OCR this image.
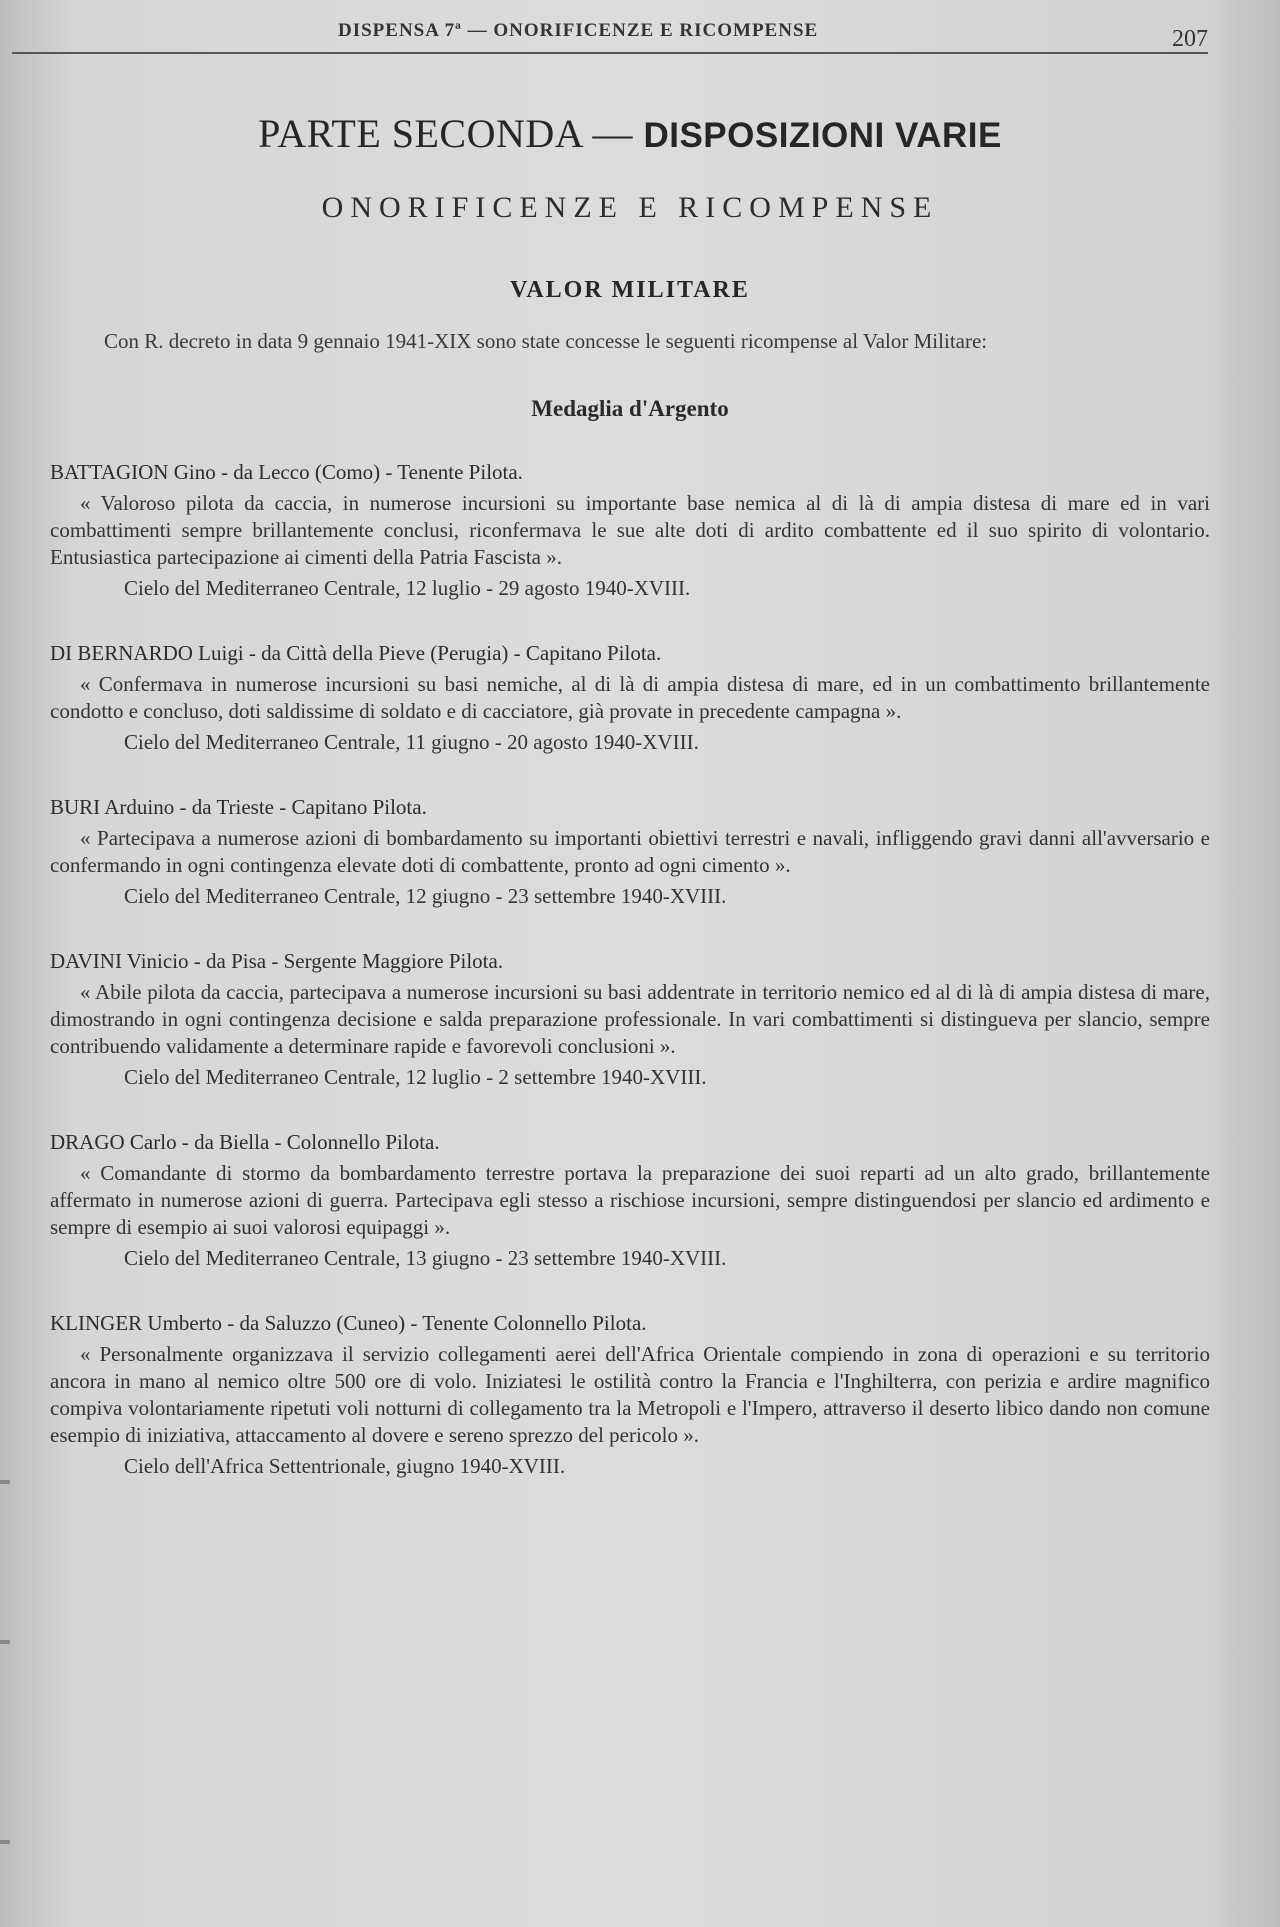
DISPENSA 7ª — ONORIFICENZE E RICOMPENSE	207
PARTE SECONDA — DISPOSIZIONI VARIE
ONORIFICENZE E RICOMPENSE
VALOR MILITARE

Con R. decreto in data 9 gennaio 1941-XIX sono state concesse le seguenti ricompense al Valor Militare:

Medaglia d'Argento

BATTAGION Gino - da Lecco (Como) - Tenente Pilota.

« Valoroso pilota da caccia, in numerose incursioni su importante base nemica al di là di ampia distesa di mare ed in vari combattimenti sempre brillantemente conclusi, riconfermava le sue alte doti di ardito combattente ed il suo spirito di volontario. Entusiastica partecipazione ai cimenti della Patria Fascista ».

Cielo del Mediterraneo Centrale, 12 luglio - 29 agosto 1940-XVIII.

DI BERNARDO Luigi - da Città della Pieve (Perugia) - Capitano Pilota.

« Confermava in numerose incursioni su basi nemiche, al di là di ampia distesa di mare, ed in un combattimento brillantemente condotto e concluso, doti saldissime di soldato e di cacciatore, già provate in precedente campagna ».

Cielo del Mediterraneo Centrale, 11 giugno - 20 agosto 1940-XVIII.

BURI Arduino - da Trieste - Capitano Pilota.

« Partecipava a numerose azioni di bombardamento su importanti obiettivi terrestri e navali, infliggendo gravi danni all'avversario e confermando in ogni contingenza elevate doti di combattente, pronto ad ogni cimento ».

Cielo del Mediterraneo Centrale, 12 giugno - 23 settembre 1940-XVIII.

DAVINI Vinicio - da Pisa - Sergente Maggiore Pilota.

« Abile pilota da caccia, partecipava a numerose incursioni su basi addentrate in territorio nemico ed al di là di ampia distesa di mare, dimostrando in ogni contingenza decisione e salda preparazione professionale. In vari combattimenti si distingueva per slancio, sempre contribuendo validamente a determinare rapide e favorevoli conclusioni ».

Cielo del Mediterraneo Centrale, 12 luglio - 2 settembre 1940-XVIII.

DRAGO Carlo - da Biella - Colonnello Pilota.

« Comandante di stormo da bombardamento terrestre portava la preparazione dei suoi reparti ad un alto grado, brillantemente affermato in numerose azioni di guerra. Partecipava egli stesso a rischiose incursioni, sempre distinguendosi per slancio ed ardimento e sempre di esempio ai suoi valorosi equipaggi ».

Cielo del Mediterraneo Centrale, 13 giugno - 23 settembre 1940-XVIII.

KLINGER Umberto - da Saluzzo (Cuneo) - Tenente Colonnello Pilota.

« Personalmente organizzava il servizio collegamenti aerei dell'Africa Orientale compiendo in zona di operazioni e su territorio ancora in mano al nemico oltre 500 ore di volo. Iniziatesi le ostilità contro la Francia e l'Inghilterra, con perizia e ardire magnifico compiva volontariamente ripetuti voli notturni di collegamento tra la Metropoli e l'Impero, attraverso il deserto libico dando non comune esempio di iniziativa, attaccamento al dovere e sereno sprezzo del pericolo ».

Cielo dell'Africa Settentrionale, giugno 1940-XVIII.
